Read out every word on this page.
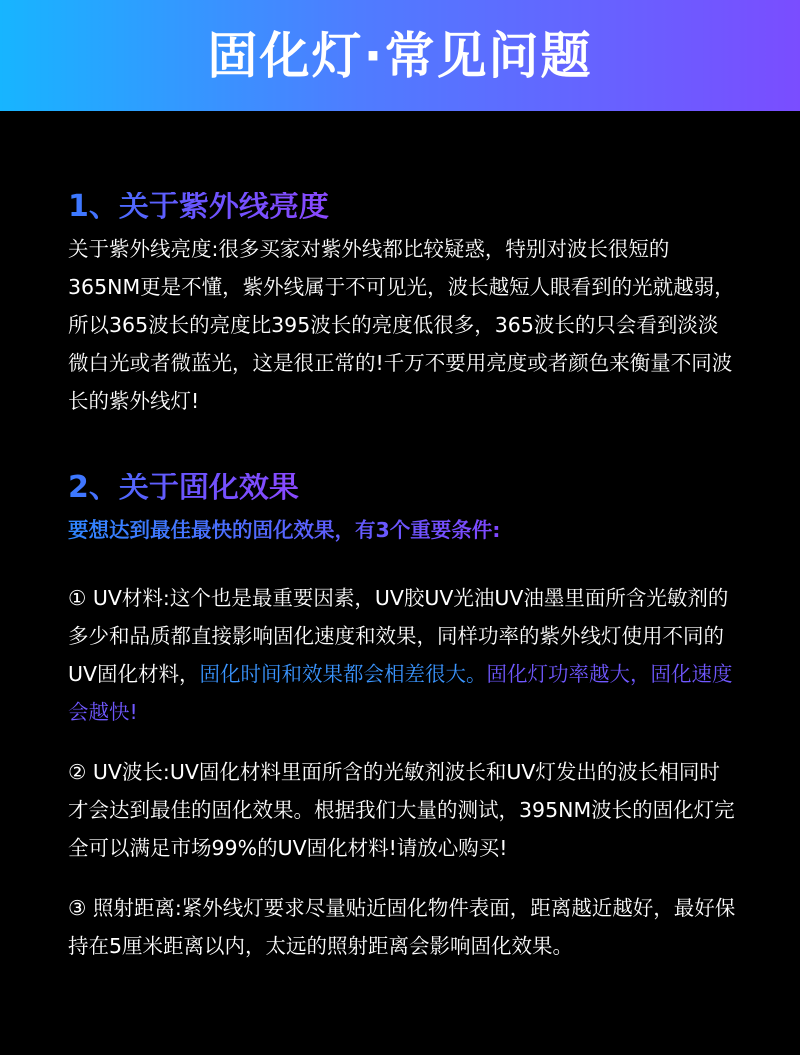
固化灯·常见问题
1、关于紫外线亮度

关于紫外线亮度:很多买家对紫外线都比较疑惑，特别对波长很短的365NM更是不懂，紫外线属于不可见光，波长越短人眼看到的光就越弱，所以365波长的亮度比395波长的亮度低很多，365波长的只会看到淡淡微白光或者微蓝光，这是很正常的!千万不要用亮度或者颜色来衡量不同波长的紫外线灯!

2、关于固化效果
要想达到最佳最快的固化效果，有3个重要条件:

① UV材料:这个也是最重要因素，UV胶UV光油UV油墨里面所含光敏剂的多少和品质都直接影响固化速度和效果，同样功率的紫外线灯使用不同的UV固化材料，固化时间和效果都会相差很大。固化灯功率越大，固化速度会越快!

② UV波长:UV固化材料里面所含的光敏剂波长和UV灯发出的波长相同时才会达到最佳的固化效果。根据我们大量的测试，395NM波长的固化灯完全可以满足市场99%的UV固化材料!请放心购买!

③ 照射距离:紧外线灯要求尽量贴近固化物件表面，距离越近越好，最好保持在5厘米距离以内，太远的照射距离会影响固化效果。
